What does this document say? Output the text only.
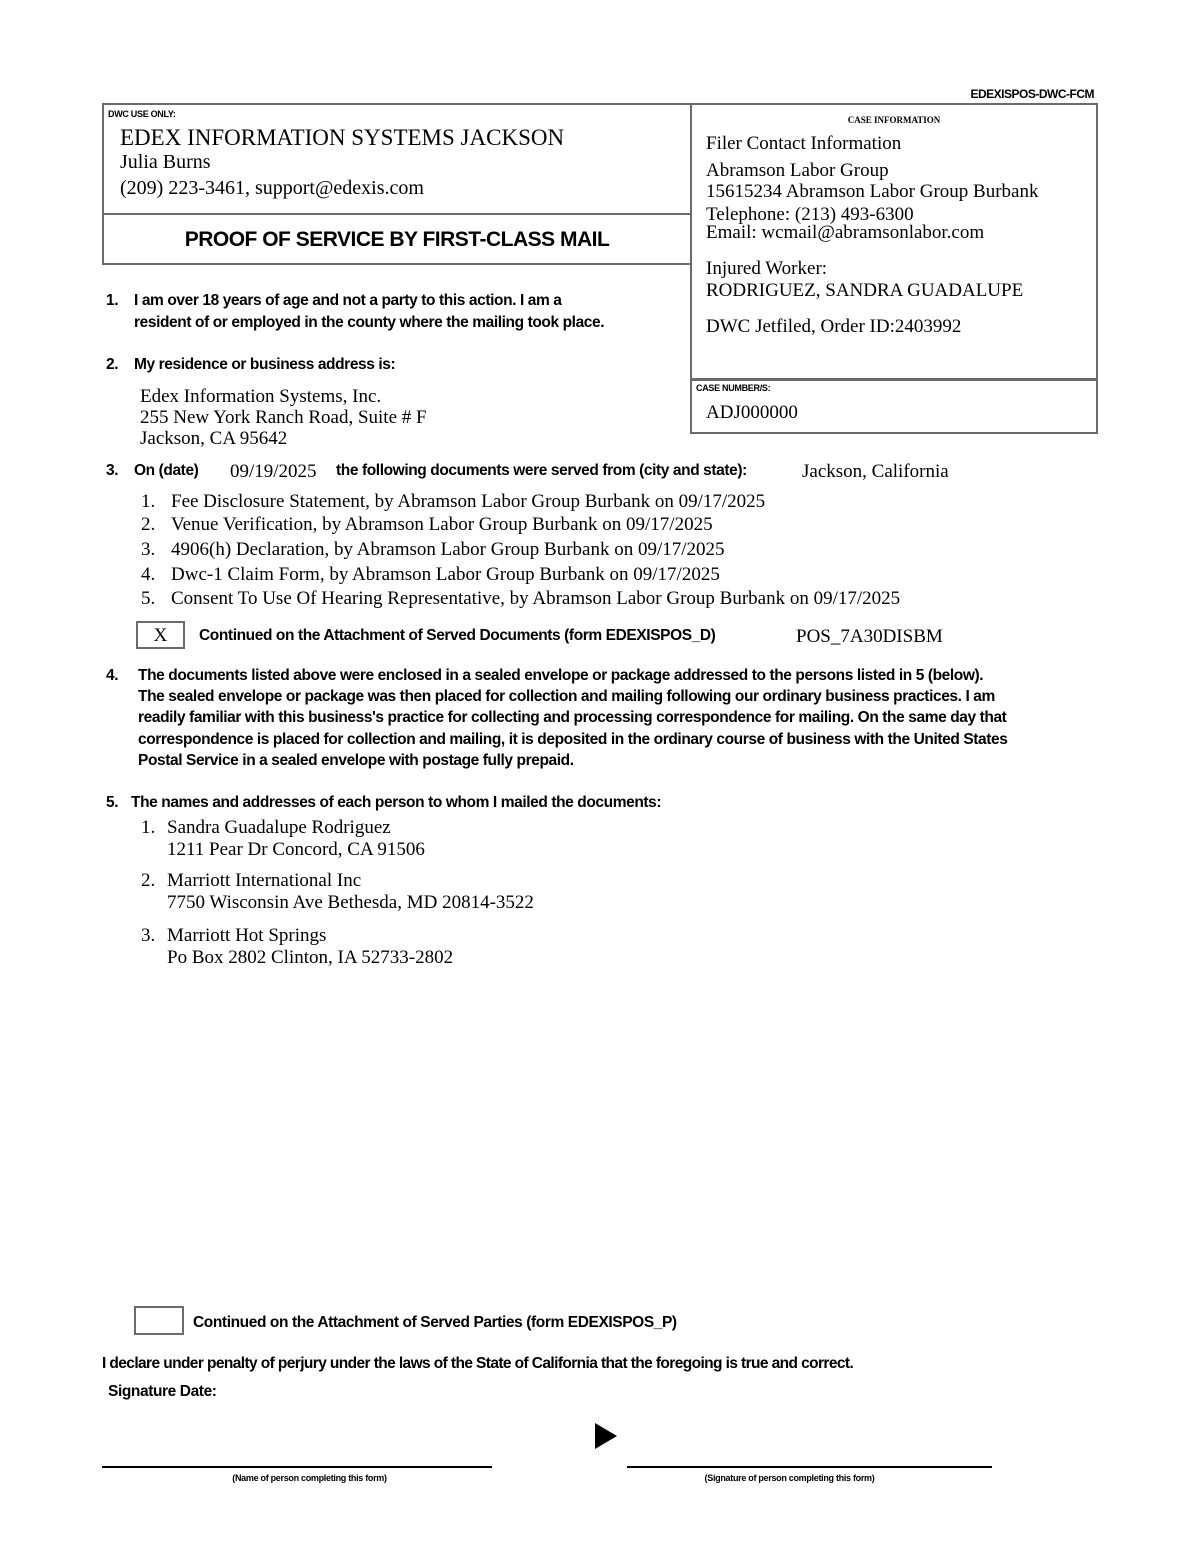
EDEXISPOS-DWC-FCM
DWC USE ONLY:
EDEX INFORMATION SYSTEMS JACKSON
Julia Burns
(209) 223-3461, support@edexis.com
PROOF OF SERVICE BY FIRST-CLASS MAIL
CASE INFORMATION
Filer Contact Information
Abramson Labor Group
15615234 Abramson Labor Group Burbank
Telephone: (213) 493-6300
Email: wcmail@abramsonlabor.com
Injured Worker:
RODRIGUEZ, SANDRA GUADALUPE
DWC Jetfiled, Order ID:2403992
CASE NUMBER/S:
ADJ000000
1. I am over 18 years of age and not a party to this action. I am a
resident of or employed in the county where the mailing took place.
2. My residence or business address is:
Edex Information Systems, Inc.
255 New York Ranch Road, Suite # F
Jackson, CA 95642
3. On (date) 09/19/2025 the following documents were served from (city and state):	Jackson, California
1. Fee Disclosure Statement, by Abramson Labor Group Burbank on 09/17/2025
2. Venue Verification, by Abramson Labor Group Burbank on 09/17/2025
3. 4906(h) Declaration, by Abramson Labor Group Burbank on 09/17/2025
4. Dwc-1 Claim Form, by Abramson Labor Group Burbank on 09/17/2025
5. Consent To Use Of Hearing Representative, by Abramson Labor Group Burbank on 09/17/2025
X	Continued on the Attachment of Served Documents (form EDEXISPOS_D)	POS_7A30DISBM
4. The documents listed above were enclosed in a sealed envelope or package addressed to the persons listed in 5 (below).
The sealed envelope or package was then placed for collection and mailing following our ordinary business practices. I am
readily familiar with this business's practice for collecting and processing correspondence for mailing. On the same day that
correspondence is placed for collection and mailing, it is deposited in the ordinary course of business with the United States
Postal Service in a sealed envelope with postage fully prepaid.
5. The names and addresses of each person to whom I mailed the documents:
1. Sandra Guadalupe Rodriguez
1211 Pear Dr Concord, CA 91506
2. Marriott International Inc
7750 Wisconsin Ave Bethesda, MD 20814-3522
3. Marriott Hot Springs
Po Box 2802 Clinton, IA 52733-2802
Continued on the Attachment of Served Parties (form EDEXISPOS_P)
I declare under penalty of perjury under the laws of the State of California that the foregoing is true and correct.
Signature Date:
(Name of person completing this form)	(Signature of person completing this form)
